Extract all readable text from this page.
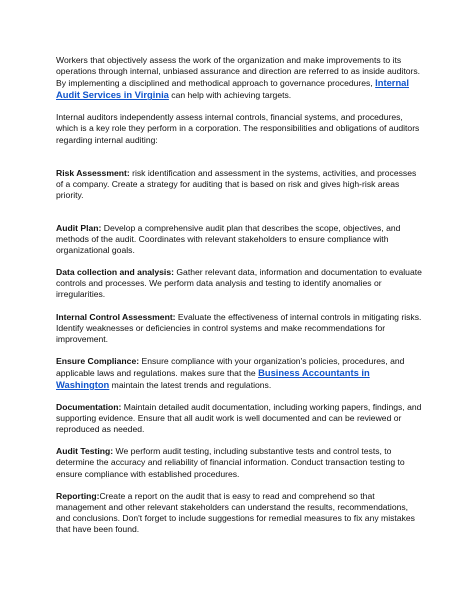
Workers that objectively assess the work of the organization and make improvements to its operations through internal, unbiased assurance and direction are referred to as inside auditors. By implementing a disciplined and methodical approach to governance procedures, Internal Audit Services in Virginia can help with achieving targets.

Internal auditors independently assess internal controls, financial systems, and procedures, which is a key role they perform in a corporation. The responsibilities and obligations of auditors regarding internal auditing:

Risk Assessment: risk identification and assessment in the systems, activities, and processes of a company. Create a strategy for auditing that is based on risk and gives high-risk areas priority.

Audit Plan: Develop a comprehensive audit plan that describes the scope, objectives, and methods of the audit. Coordinates with relevant stakeholders to ensure compliance with organizational goals.

Data collection and analysis: Gather relevant data, information and documentation to evaluate controls and processes. We perform data analysis and testing to identify anomalies or irregularities.

Internal Control Assessment: Evaluate the effectiveness of internal controls in mitigating risks. Identify weaknesses or deficiencies in control systems and make recommendations for improvement.

Ensure Compliance: Ensure compliance with your organization's policies, procedures, and applicable laws and regulations. makes sure that the Business Accountants in Washington maintain the latest trends and regulations.

Documentation: Maintain detailed audit documentation, including working papers, findings, and supporting evidence. Ensure that all audit work is well documented and can be reviewed or reproduced as needed.

Audit Testing: We perform audit testing, including substantive tests and control tests, to determine the accuracy and reliability of financial information. Conduct transaction testing to ensure compliance with established procedures.

Reporting:Create a report on the audit that is easy to read and comprehend so that management and other relevant stakeholders can understand the results, recommendations, and conclusions. Don't forget to include suggestions for remedial measures to fix any mistakes that have been found.
